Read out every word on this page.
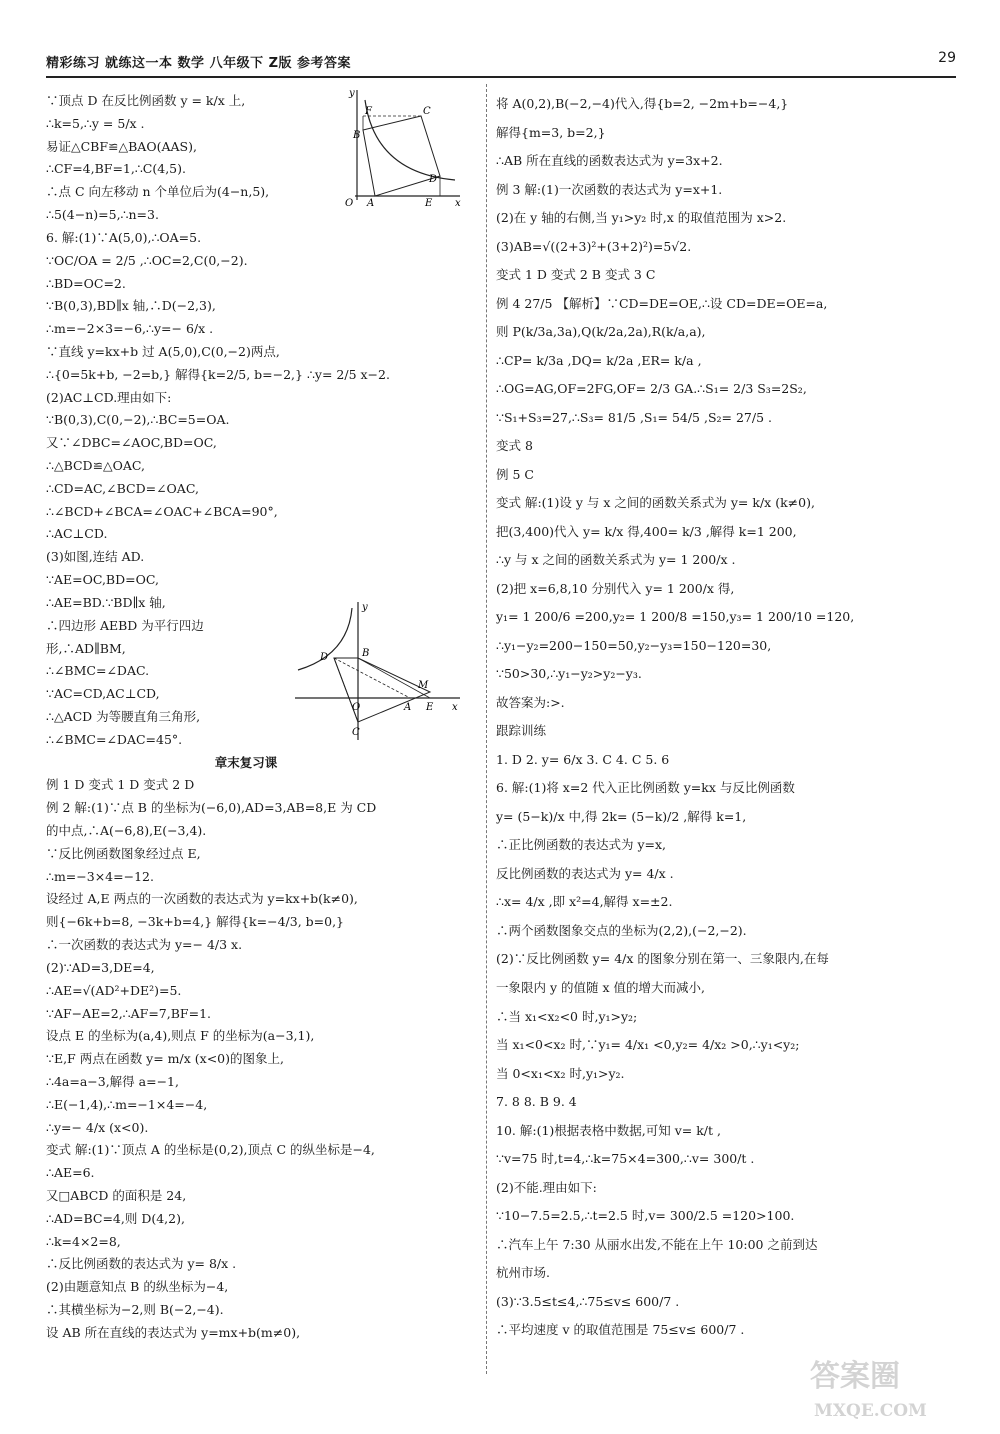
精彩练习 就练这一本 数学 八年级下 Z版 参考答案	29
∵顶点 D 在反比例函数 y = k/x 上,
∴k=5,∴y = 5/x .
易证△CBF≌△BAO(AAS),
∴CF=4,BF=1,∴C(4,5).
∴点 C 向左移动 n 个单位后为(4−n,5),
∴5(4−n)=5,∴n=3.
6. 解:(1)∵A(5,0),∴OA=5.
∵OC/OA = 2/5 ,∴OC=2,C(0,−2).
∴BD=OC=2.
∵B(0,3),BD∥x 轴,∴D(−2,3),
∴m=−2×3=−6,∴y=− 6/x .
∵直线 y=kx+b 过 A(5,0),C(0,−2)两点,
∴{0=5k+b, −2=b,} 解得{k=2/5, b=−2,} ∴y= 2/5 x−2.
(2)AC⊥CD.理由如下:
∵B(0,3),C(0,−2),∴BC=5=OA.
又∵∠DBC=∠AOC,BD=OC,
∴△BCD≌△OAC,
∴CD=AC,∠BCD=∠OAC,
∴∠BCD+∠BCA=∠OAC+∠BCA=90°,
∴AC⊥CD.
(3)如图,连结 AD.
∵AE=OC,BD=OC,
∴AE=BD.∵BD∥x 轴,
∴四边形 AEBD 为平行四边
形,∴AD∥BM,
∴∠BMC=∠DAC.
∵AC=CD,AC⊥CD,
∴△ACD 为等腰直角三角形,
∴∠BMC=∠DAC=45°.
章末复习课
例 1 D 变式 1 D 变式 2 D
例 2 解:(1)∵点 B 的坐标为(−6,0),AD=3,AB=8,E 为 CD
的中点,∴A(−6,8),E(−3,4).
∵反比例函数图象经过点 E,
∴m=−3×4=−12.
设经过 A,E 两点的一次函数的表达式为 y=kx+b(k≠0),
则{−6k+b=8, −3k+b=4,} 解得{k=−4/3, b=0,}
∴一次函数的表达式为 y=− 4/3 x.
(2)∵AD=3,DE=4,
∴AE=√(AD²+DE²)=5.
∵AF−AE=2,∴AF=7,BF=1.
设点 E 的坐标为(a,4),则点 F 的坐标为(a−3,1),
∵E,F 两点在函数 y= m/x (x<0)的图象上,
∴4a=a−3,解得 a=−1,
∴E(−1,4),∴m=−1×4=−4,
∴y=− 4/x (x<0).
变式 解:(1)∵顶点 A 的坐标是(0,2),顶点 C 的纵坐标是−4,
∴AE=6.
又□ABCD 的面积是 24,
∴AD=BC=4,则 D(4,2),
∴k=4×2=8,
∴反比例函数的表达式为 y= 8/x .
(2)由题意知点 B 的纵坐标为−4,
∴其横坐标为−2,则 B(−2,−4).
设 AB 所在直线的表达式为 y=mx+b(m≠0),
将 A(0,2),B(−2,−4)代入,得{b=2, −2m+b=−4,}
解得{m=3, b=2,}
∴AB 所在直线的函数表达式为 y=3x+2.
例 3 解:(1)一次函数的表达式为 y=x+1.
(2)在 y 轴的右侧,当 y₁>y₂ 时,x 的取值范围为 x>2.
(3)AB=√((2+3)²+(3+2)²)=5√2.
变式 1 D 变式 2 B 变式 3 C
例 4 27/5 【解析】∵CD=DE=OE,∴设 CD=DE=OE=a,
则 P(k/3a,3a),Q(k/2a,2a),R(k/a,a),
∴CP= k/3a ,DQ= k/2a ,ER= k/a ,
∴OG=AG,OF=2FG,OF= 2/3 GA.∴S₁= 2/3 S₃=2S₂,
∵S₁+S₃=27,∴S₃= 81/5 ,S₁= 54/5 ,S₂= 27/5 .
变式 8
例 5 C
变式 解:(1)设 y 与 x 之间的函数关系式为 y= k/x (k≠0),
把(3,400)代入 y= k/x 得,400= k/3 ,解得 k=1 200,
∴y 与 x 之间的函数关系式为 y= 1 200/x .
(2)把 x=6,8,10 分别代入 y= 1 200/x 得,
y₁= 1 200/6 =200,y₂= 1 200/8 =150,y₃= 1 200/10 =120,
∴y₁−y₂=200−150=50,y₂−y₃=150−120=30,
∵50>30,∴y₁−y₂>y₂−y₃.
故答案为:>.
跟踪训练
1. D 2. y= 6/x 3. C 4. C 5. 6
6. 解:(1)将 x=2 代入正比例函数 y=kx 与反比例函数
y= (5−k)/x 中,得 2k= (5−k)/2 ,解得 k=1,
∴正比例函数的表达式为 y=x,
反比例函数的表达式为 y= 4/x .
∴x= 4/x ,即 x²=4,解得 x=±2.
∴两个函数图象交点的坐标为(2,2),(−2,−2).
(2)∵反比例函数 y= 4/x 的图象分别在第一、三象限内,在每
一象限内 y 的值随 x 值的增大而减小,
∴当 x₁<x₂<0 时,y₁>y₂;
当 x₁<0<x₂ 时,∵y₁= 4/x₁ <0,y₂= 4/x₂ >0,∴y₁<y₂;
当 0<x₁<x₂ 时,y₁>y₂.
7. 8 8. B 9. 4
10. 解:(1)根据表格中数据,可知 v= k/t ,
∵v=75 时,t=4,∴k=75×4=300,∴v= 300/t .
(2)不能.理由如下:
∵10−7.5=2.5,∴t=2.5 时,v= 300/2.5 =120>100.
∴汽车上午 7:30 从丽水出发,不能在上午 10:00 之前到达
杭州市场.
(3)∵3.5≤t≤4,∴75≤v≤ 600/7 .
∴平均速度 v 的取值范围是 75≤v≤ 600/7 .
y
x
F	C
B
D
O A	E
y
x
D	B
M
O	A E
C
答案圈
MXQE.COM
